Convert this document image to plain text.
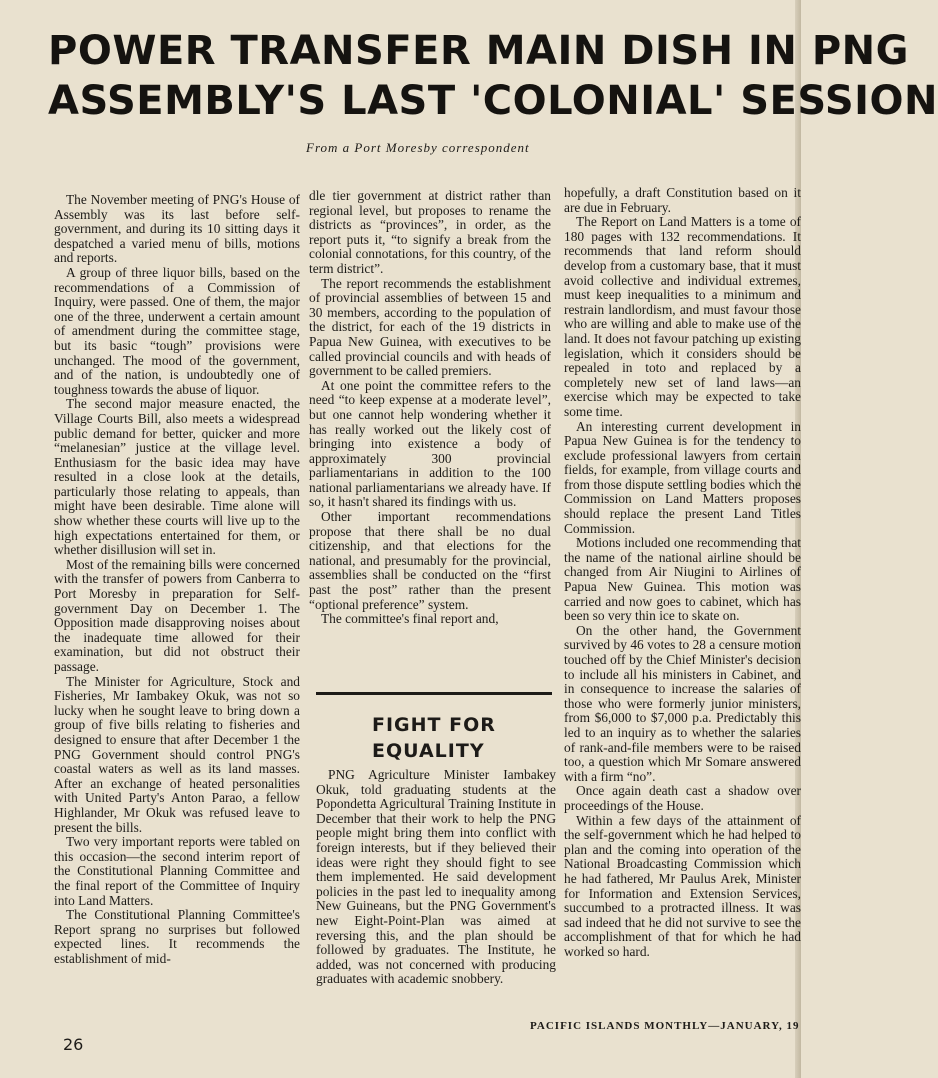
POWER TRANSFER MAIN DISH IN PNG
ASSEMBLY'S LAST 'COLONIAL' SESSION
From a Port Moresby correspondent

The November meeting of PNG's House of Assembly was its last before self-government, and during its 10 sitting days it despatched a varied menu of bills, motions and reports.

A group of three liquor bills, based on the recommendations of a Commission of Inquiry, were passed. One of them, the major one of the three, underwent a certain amount of amendment during the committee stage, but its basic “tough” provisions were unchanged. The mood of the government, and of the nation, is undoubtedly one of toughness towards the abuse of liquor.

The second major measure enacted, the Village Courts Bill, also meets a widespread public demand for better, quicker and more “melanesian” justice at the village level. Enthusiasm for the basic idea may have resulted in a close look at the details, particularly those relating to appeals, than might have been desirable. Time alone will show whether these courts will live up to the high expectations entertained for them, or whether disillusion will set in.

Most of the remaining bills were concerned with the transfer of powers from Canberra to Port Moresby in preparation for Self-government Day on December 1. The Opposition made disapproving noises about the inadequate time allowed for their examination, but did not obstruct their passage.

The Minister for Agriculture, Stock and Fisheries, Mr Iambakey Okuk, was not so lucky when he sought leave to bring down a group of five bills relating to fisheries and designed to ensure that after December 1 the PNG Government should control PNG's coastal waters as well as its land masses. After an exchange of heated personalities with United Party's Anton Parao, a fellow Highlander, Mr Okuk was refused leave to present the bills.

Two very important reports were tabled on this occasion—the second interim report of the Constitutional Planning Committee and the final report of the Committee of Inquiry into Land Matters.

The Constitutional Planning Committee's Report sprang no surprises but followed expected lines. It recommends the establishment of mid-

dle tier government at district rather than regional level, but proposes to rename the districts as “provinces”, in order, as the report puts it, “to signify a break from the colonial connotations, for this country, of the term district”.

The report recommends the establishment of provincial assemblies of between 15 and 30 members, according to the population of the district, for each of the 19 districts in Papua New Guinea, with executives to be called provincial councils and with heads of government to be called premiers.

At one point the committee refers to the need “to keep expense at a moderate level”, but one cannot help wondering whether it has really worked out the likely cost of bringing into existence a body of approximately 300 provincial parliamentarians in addition to the 100 national parliamentarians we already have. If so, it hasn't shared its findings with us.

Other important recommendations propose that there shall be no dual citizenship, and that elections for the national, and presumably for the provincial, assemblies shall be conducted on the “first past the post” rather than the present “optional preference” system.

The committee's final report and,

FIGHT FOR
EQUALITY

PNG Agriculture Minister Iambakey Okuk, told graduating students at the Popondetta Agricultural Training Institute in December that their work to help the PNG people might bring them into conflict with foreign interests, but if they believed their ideas were right they should fight to see them implemented. He said development policies in the past led to inequality among New Guineans, but the PNG Government's new Eight-Point-Plan was aimed at reversing this, and the plan should be followed by graduates. The Institute, he added, was not concerned with producing graduates with academic snobbery.

hopefully, a draft Constitution based on it are due in February.

The Report on Land Matters is a tome of 180 pages with 132 recommendations. It recommends that land reform should develop from a customary base, that it must avoid collective and individual extremes, must keep inequalities to a minimum and restrain landlordism, and must favour those who are willing and able to make use of the land. It does not favour patching up existing legislation, which it considers should be repealed in toto and replaced by a completely new set of land laws—an exercise which may be expected to take some time.

An interesting current development in Papua New Guinea is for the tendency to exclude professional lawyers from certain fields, for example, from village courts and from those dispute settling bodies which the Commission on Land Matters proposes should replace the present Land Titles Commission.

Motions included one recommending that the name of the national airline should be changed from Air Niugini to Airlines of Papua New Guinea. This motion was carried and now goes to cabinet, which has been so very thin ice to skate on.

On the other hand, the Government survived by 46 votes to 28 a censure motion touched off by the Chief Minister's decision to include all his ministers in Cabinet, and in consequence to increase the salaries of those who were formerly junior ministers, from $6,000 to $7,000 p.a. Predictably this led to an inquiry as to whether the salaries of rank-and-file members were to be raised too, a question which Mr Somare answered with a firm “no”.

Once again death cast a shadow over proceedings of the House.

Within a few days of the attainment of the self-government which he had helped to plan and the coming into operation of the National Broadcasting Commission which he had fathered, Mr Paulus Arek, Minister for Information and Extension Services, succumbed to a protracted illness. It was sad indeed that he did not survive to see the accomplishment of that for which he had worked so hard.

PACIFIC ISLANDS MONTHLY—JANUARY, 19
26
